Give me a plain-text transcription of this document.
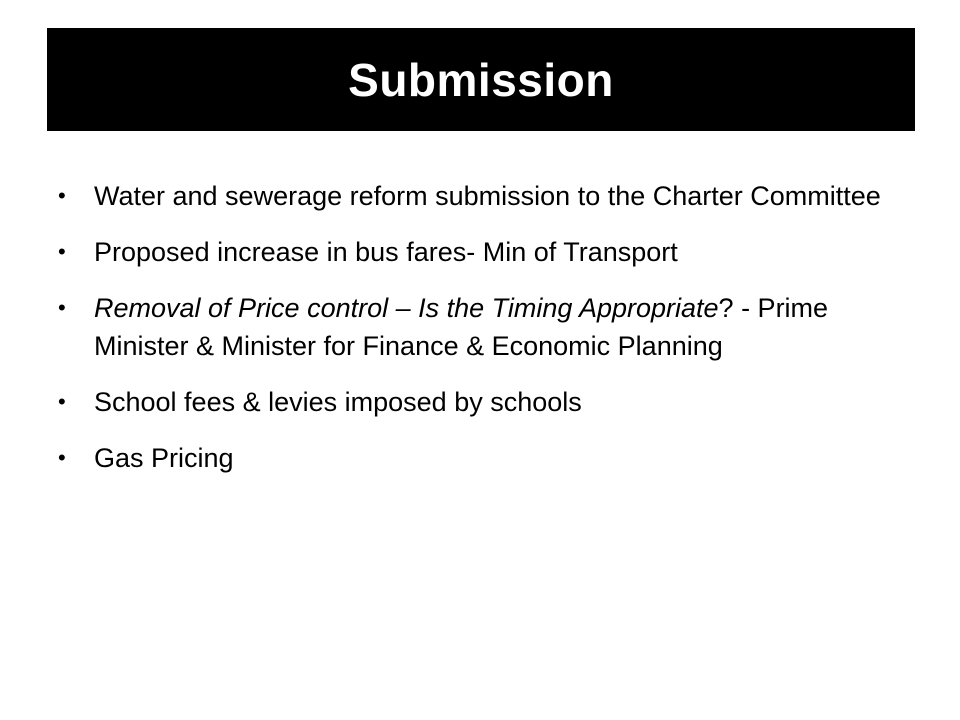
Submission
•	Water and sewerage reform submission to the Charter Committee
•	Proposed increase in bus fares- Min of Transport
•	Removal of Price control – Is the Timing Appropriate? - Prime Minister & Minister for Finance & Economic Planning
•	School fees & levies imposed by schools
•	Gas Pricing
